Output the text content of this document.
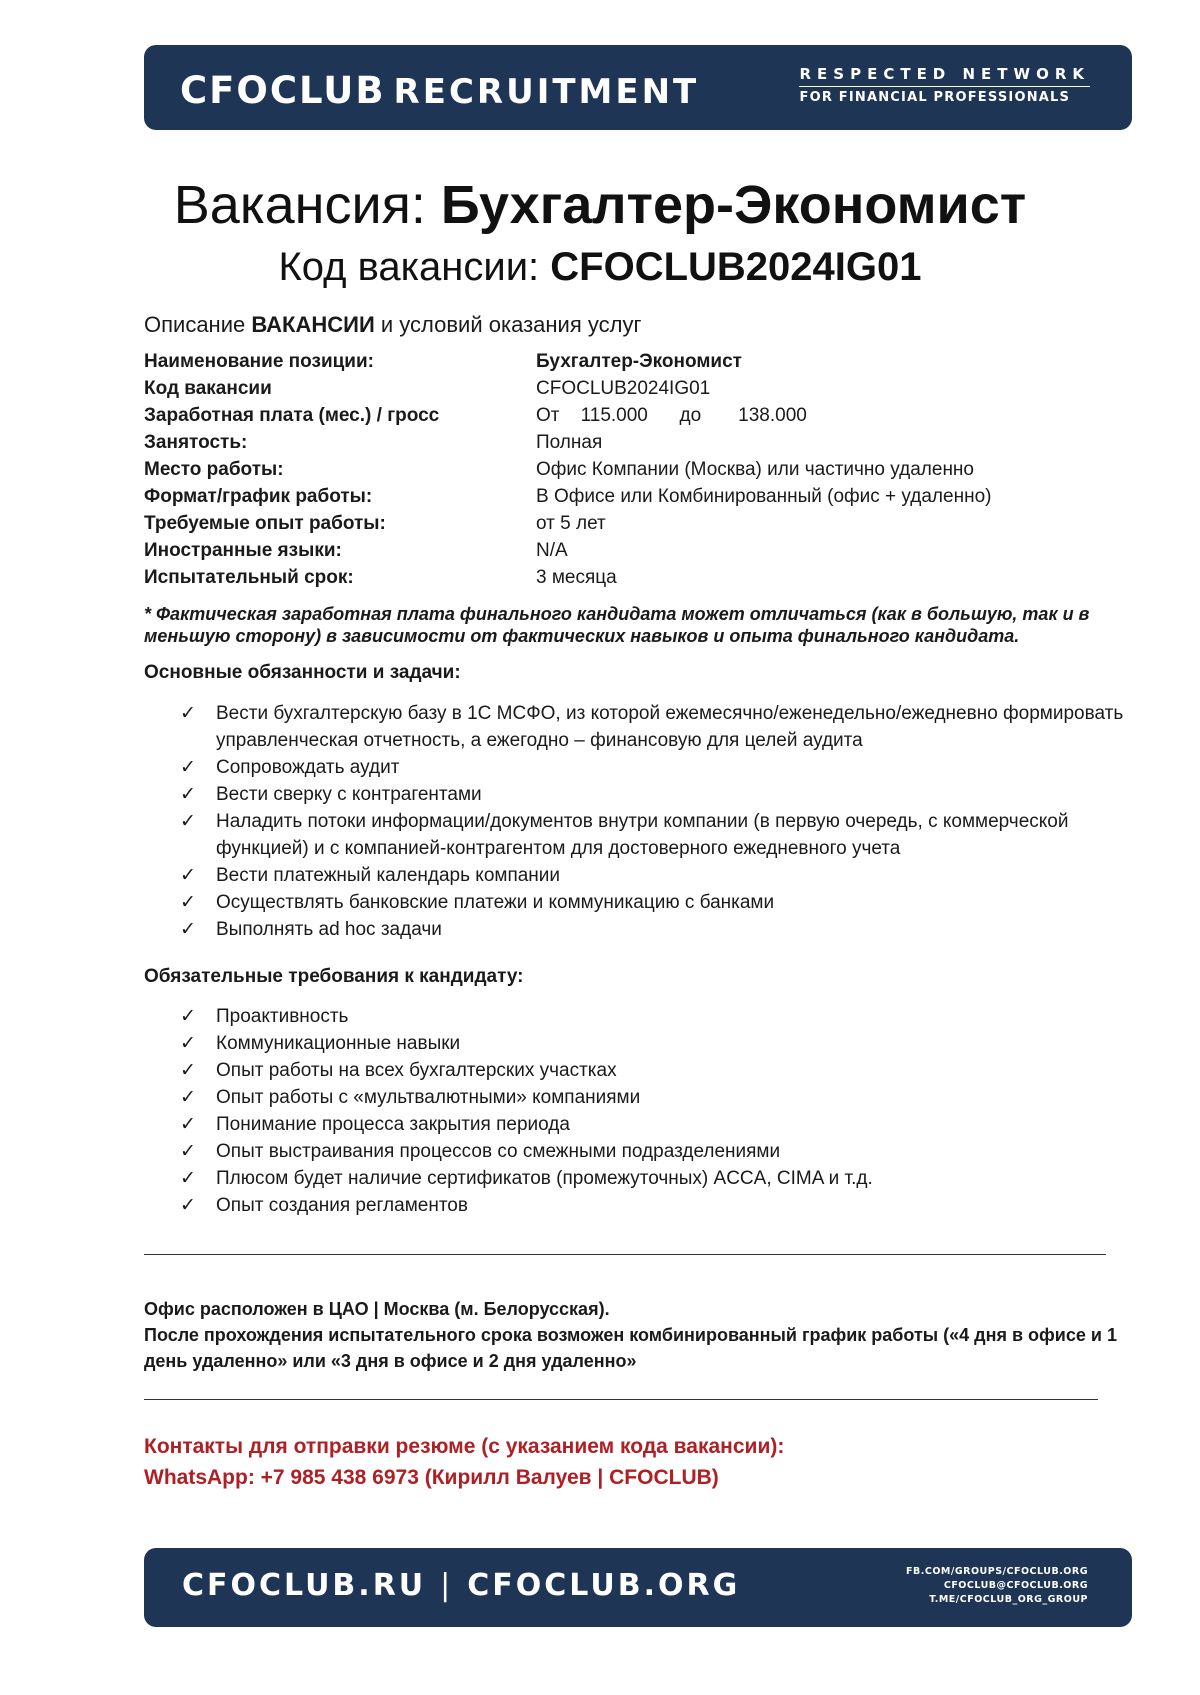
CFOCLUB RECRUITMENT	RESPECTED NETWORK
FOR FINANCIAL PROFESSIONALS
Вакансия: Бухгалтер-Экономист
Код вакансии: CFOCLUB2024IG01
Описание ВАКАНСИИ и условий оказания услуг
Наименование позиции:	Бухгалтер-Экономист
Код вакансии	CFOCLUB2024IG01
Заработная плата (мес.) / гросс	От    115.000      до       138.000
Занятость:	Полная
Место работы:	Офис Компании (Москва) или частично удаленно
Формат/график работы:	В Офисе или Комбинированный (офис + удаленно)
Требуемые опыт работы:	от 5 лет
Иностранные языки:	N/A
Испытательный срок:	3 месяца
* Фактическая заработная плата финального кандидата может отличаться (как в большую, так и в меньшую сторону) в зависимости от фактических навыков и опыта финального кандидата.
Основные обязанности и задачи:
✓	Вести бухгалтерскую базу в 1С МСФО, из которой ежемесячно/еженедельно/ежедневно формировать управленческая отчетность, а ежегодно – финансовую для целей аудита
✓	Сопровождать аудит
✓	Вести сверку с контрагентами
✓	Наладить потоки информации/документов внутри компании (в первую очередь, с коммерческой функцией) и с компанией-контрагентом для достоверного ежедневного учета
✓	Вести платежный календарь компании
✓	Осуществлять банковские платежи и коммуникацию с банками
✓	Выполнять ad hoc задачи
Обязательные требования к кандидату:
✓	Проактивность
✓	Коммуникационные навыки
✓	Опыт работы на всех бухгалтерских участках
✓	Опыт работы с «мультвалютными» компаниями
✓	Понимание процесса закрытия периода
✓	Опыт выстраивания процессов со смежными подразделениями
✓	Плюсом будет наличие сертификатов (промежуточных) ACCA, CIMA и т.д.
✓	Опыт создания регламентов
Офис расположен в ЦАО | Москва (м. Белорусская).
После прохождения испытательного срока возможен комбинированный график работы («4 дня в офисе и 1 день удаленно» или «3 дня в офисе и 2 дня удаленно»
Контакты для отправки резюме (с указанием кода вакансии):
WhatsApp: +7 985 438 6973 (Кирилл Валуев | CFOCLUB)
CFOCLUB.RU | CFOCLUB.ORG	FB.COM/GROUPS/CFOCLUB.ORG
CFOCLUB@CFOCLUB.ORG
T.ME/CFOCLUB_ORG_GROUP
